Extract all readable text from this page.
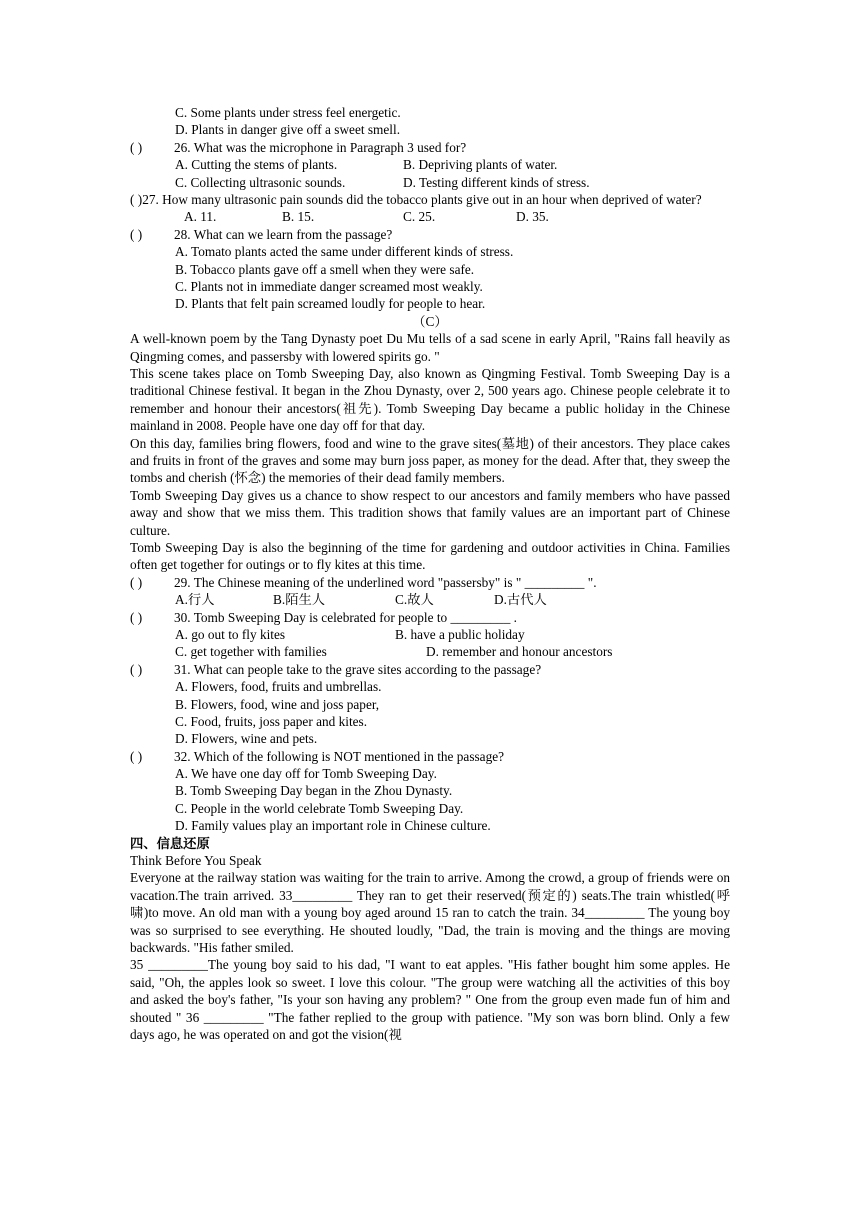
C. Some plants under stress feel energetic.
D. Plants in danger give off a sweet smell.
( ) 26. What was the microphone in Paragraph 3 used for?
A. Cutting the stems of plants.	B. Depriving plants of water.
C. Collecting ultrasonic sounds.	D. Testing different kinds of stress.
( )27. How many ultrasonic pain sounds did the tobacco plants give out in an hour when deprived of water?
A. 11.	B. 15.	C. 25.	D. 35.
( ) 28. What can we learn from the passage?
A. Tomato plants acted the same under different kinds of stress.
B. Tobacco plants gave off a smell when they were safe.
C. Plants not in immediate danger screamed most weakly.
D. Plants that felt pain screamed loudly for people to hear.
（C）
A well-known poem by the Tang Dynasty poet Du Mu tells of a sad scene in early April, "Rains fall heavily as Qingming comes, and passersby with lowered spirits go. "
This scene takes place on Tomb Sweeping Day, also known as Qingming Festival. Tomb Sweeping Day is a traditional Chinese festival. It began in the Zhou Dynasty, over 2, 500 years ago. Chinese people celebrate it to remember and honour their ancestors(祖先). Tomb Sweeping Day became a public holiday in the Chinese mainland in 2008. People have one day off for that day.
On this day, families bring flowers, food and wine to the grave sites(墓地) of their ancestors. They place cakes and fruits in front of the graves and some may burn joss paper, as money for the dead. After that, they sweep the tombs and cherish (怀念) the memories of their dead family members.
Tomb Sweeping Day gives us a chance to show respect to our ancestors and family members who have passed away and show that we miss them. This tradition shows that family values are an important part of Chinese culture.
Tomb Sweeping Day is also the beginning of the time for gardening and outdoor activities in China. Families often get together for outings or to fly kites at this time.
( ) 29. The Chinese meaning of the underlined word "passersby" is " _________ ".
A.行人	B.陌生人	C.故人	D.古代人
( ) 30. Tomb Sweeping Day is celebrated for people to _________ .
A. go out to fly kites	B. have a public holiday
C. get together with families	D. remember and honour ancestors
( ) 31. What can people take to the grave sites according to the passage?
A. Flowers, food, fruits and umbrellas.
B. Flowers, food, wine and joss paper,
C. Food, fruits, joss paper and kites.
D. Flowers, wine and pets.
( ) 32. Which of the following is NOT mentioned in the passage?
A. We have one day off for Tomb Sweeping Day.
B. Tomb Sweeping Day began in the Zhou Dynasty.
C. People in the world celebrate Tomb Sweeping Day.
D. Family values play an important role in Chinese culture.
四、信息还原
Think Before You Speak
Everyone at the railway station was waiting for the train to arrive. Among the crowd, a group of friends were on vacation.The train arrived. 33_________ They ran to get their reserved(预定的) seats.The train whistled(呼啸)to move. An old man with a young boy aged around 15 ran to catch the train. 34_________ The young boy was so surprised to see everything. He shouted loudly, "Dad, the train is moving and the things are moving backwards. "His father smiled.
35 _________The young boy said to his dad, "I want to eat apples. "His father bought him some apples. He said, "Oh, the apples look so sweet. I love this colour. "The group were watching all the activities of this boy and asked the boy's father, "Is your son having any problem? " One from the group even made fun of him and shouted " 36 _________ "The father replied to the group with patience. "My son was born blind. Only a few days ago, he was operated on and got the vision(视
